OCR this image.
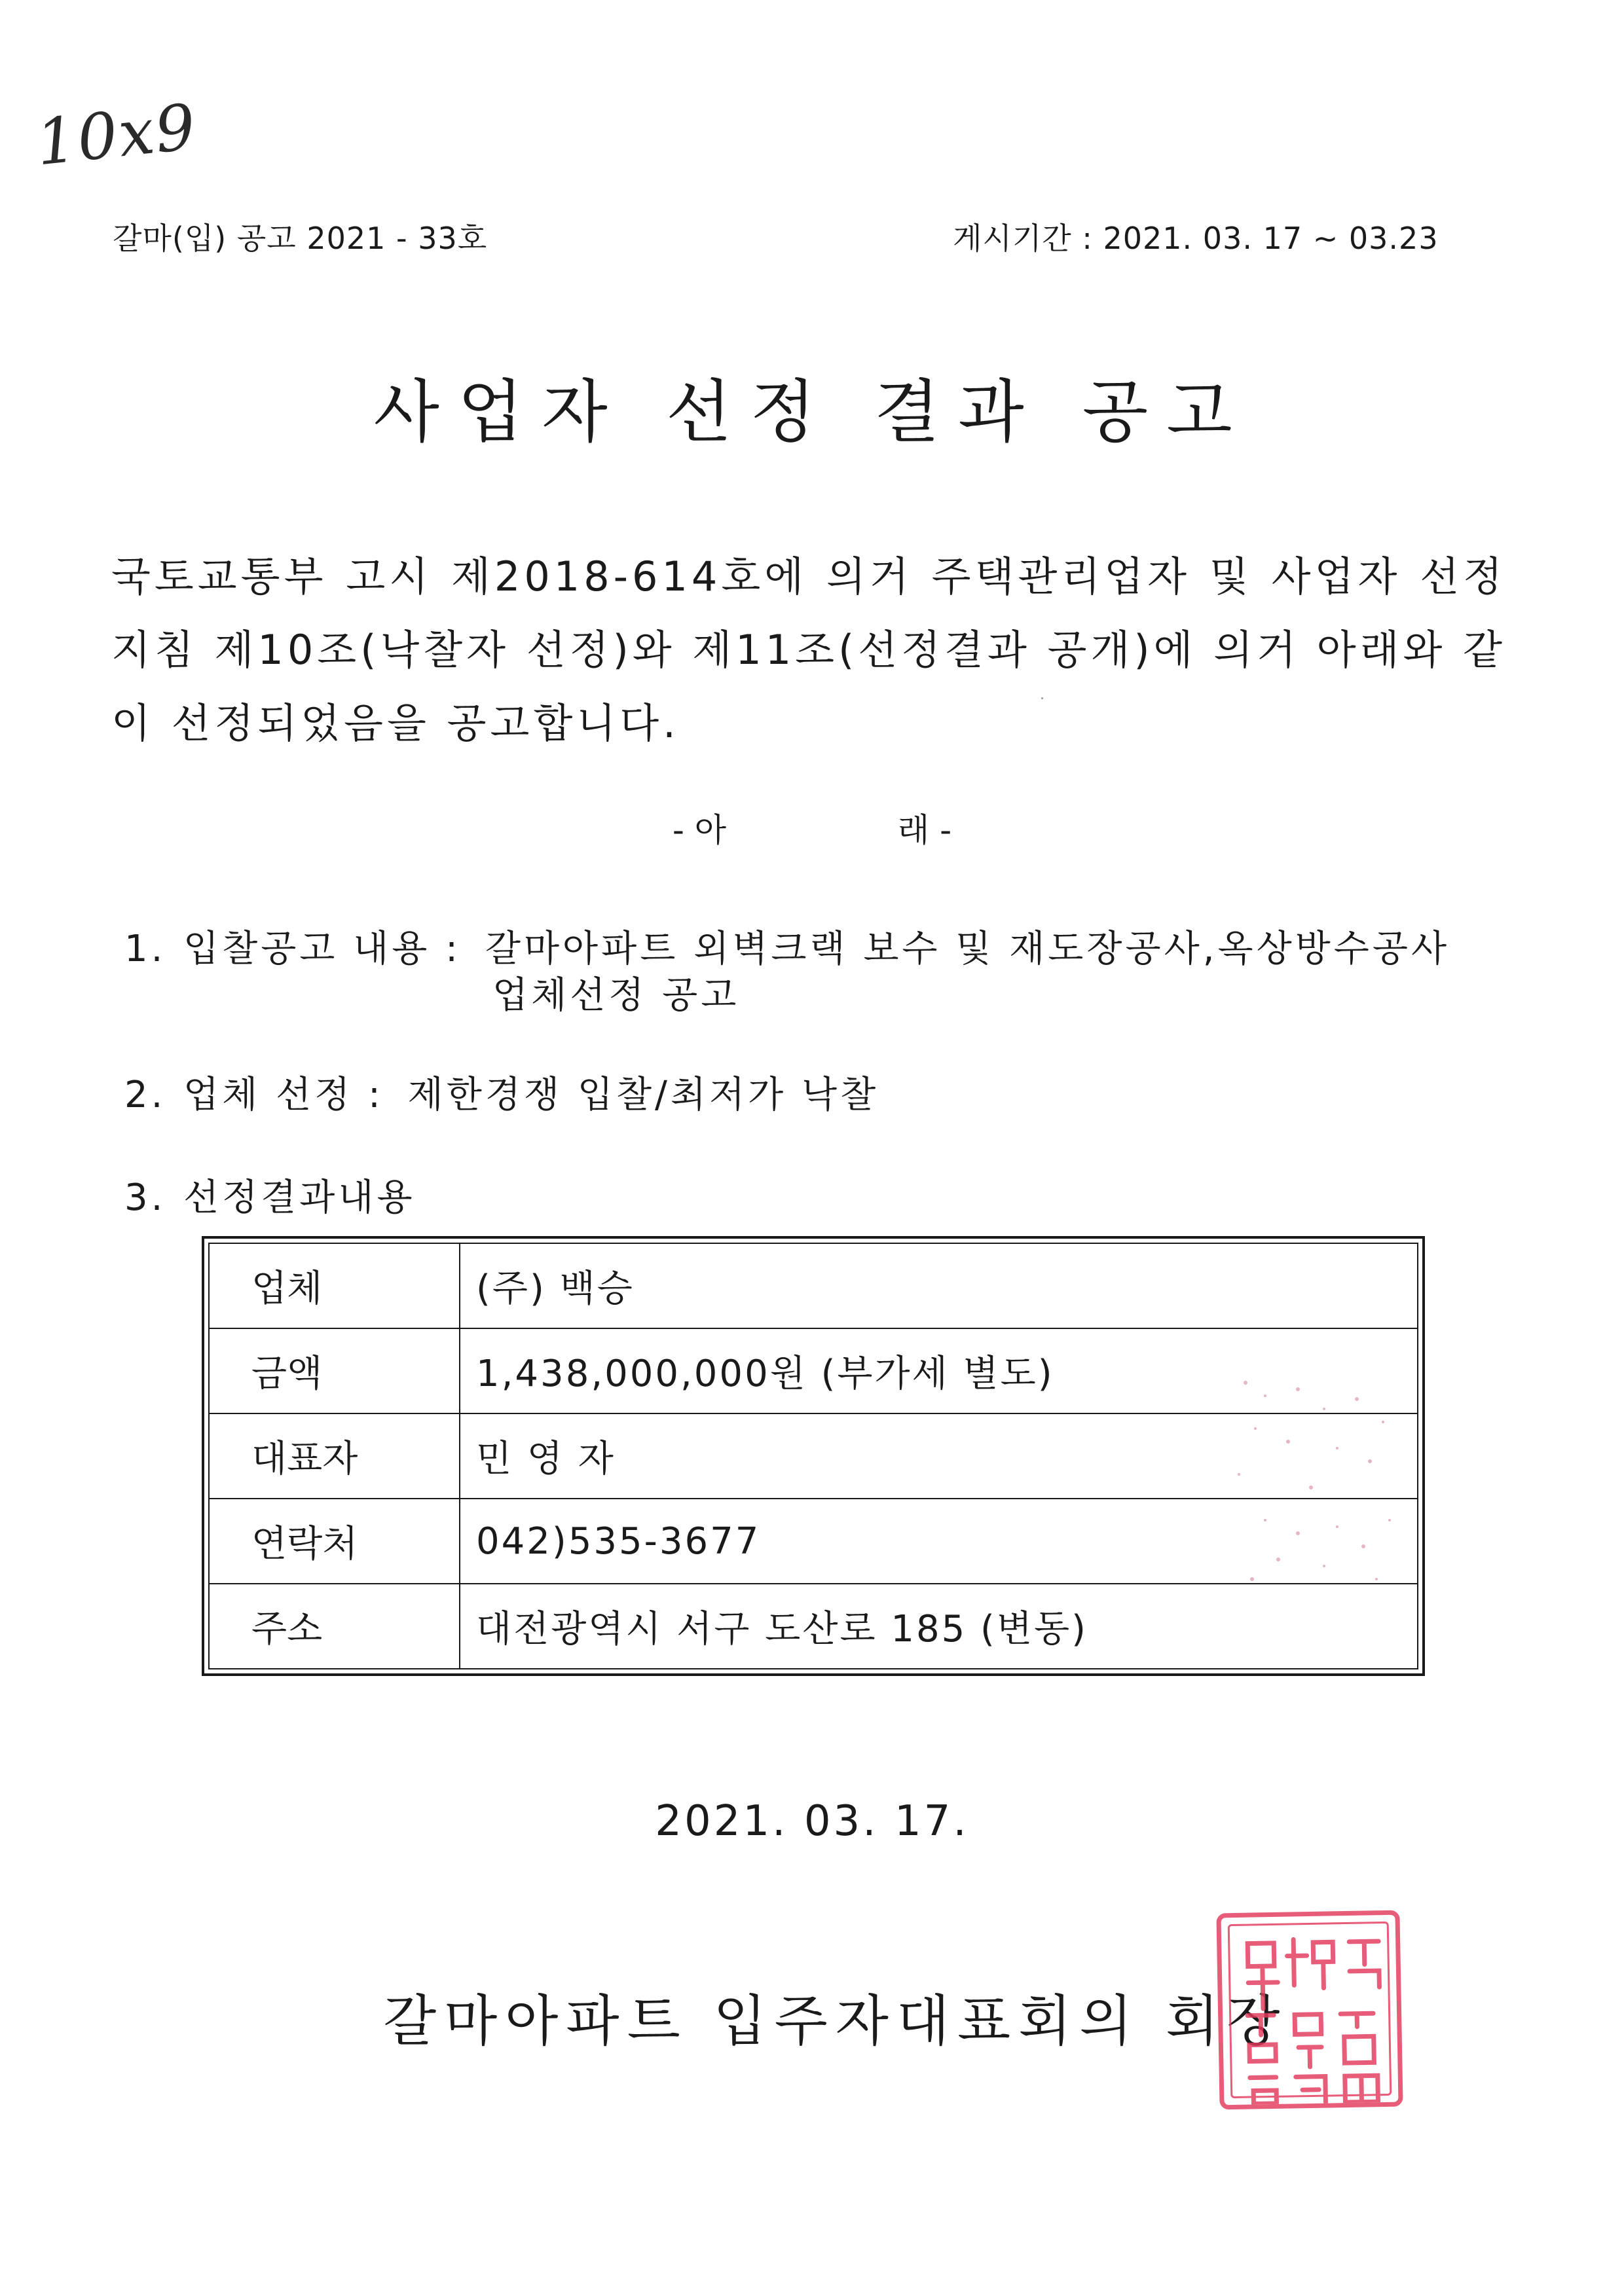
10x9
갈마(입) 공고 2021 - 33호	게시기간 : 2021. 03. 17 ~ 03.23
사업자 선정 결과 공고
국토교통부 고시 제2018-614호에 의거 주택관리업자 및 사업자 선정지침 제10조(낙찰자 선정)와 제11조(선정결과 공개)에 의거 아래와 같이 선정되었음을 공고합니다.
- 아	래 -
1. 입찰공고 내용 : 갈마아파트 외벽크랙 보수 및 재도장공사,옥상방수공사
업체선정 공고
2. 업체 선정 : 제한경쟁 입찰/최저가 낙찰
3. 선정결과내용
업체	(주) 백승
금액	1,438,000,000원 (부가세 별도)
대표자	민 영 자
연락처	042)535-3677
주소	대전광역시 서구 도산로 185 (변동)
2021. 03. 17.
갈마아파트 입주자대표회의 회장
